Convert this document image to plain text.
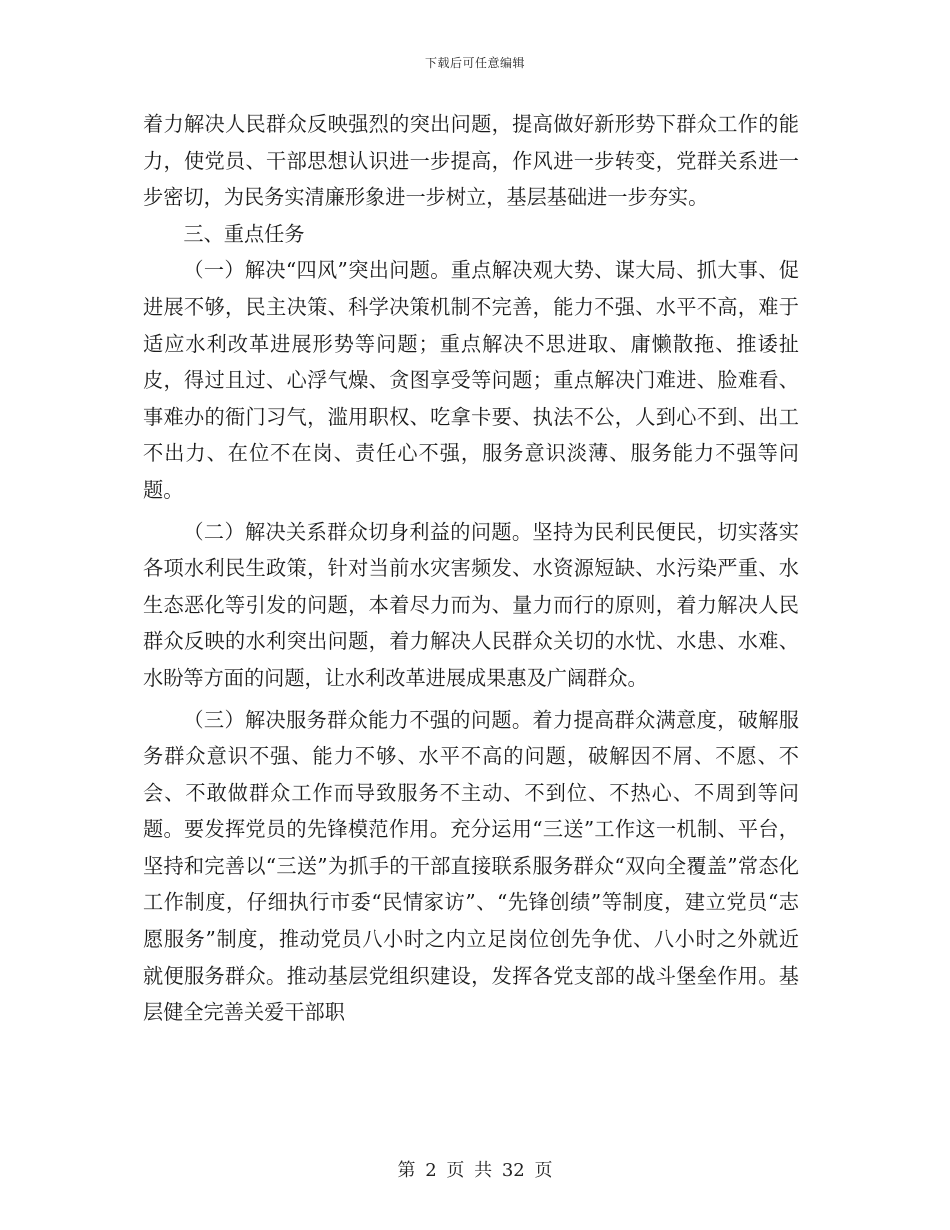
下载后可任意编辑

着力解决人民群众反映强烈的突出问题，提高做好新形势下群众工作的能力，使党员、干部思想认识进一步提高，作风进一步转变，党群关系进一步密切，为民务实清廉形象进一步树立，基层基础进一步夯实。

三、重点任务

（一）解决“四风”突出问题。重点解决观大势、谋大局、抓大事、促进展不够，民主决策、科学决策机制不完善，能力不强、水平不高，难于适应水利改革进展形势等问题；重点解决不思进取、庸懒散拖、推诿扯皮，得过且过、心浮气燥、贪图享受等问题；重点解决门难进、脸难看、事难办的衙门习气，滥用职权、吃拿卡要、执法不公，人到心不到、出工不出力、在位不在岗、责任心不强，服务意识淡薄、服务能力不强等问题。

（二）解决关系群众切身利益的问题。坚持为民利民便民，切实落实各项水利民生政策，针对当前水灾害频发、水资源短缺、水污染严重、水生态恶化等引发的问题，本着尽力而为、量力而行的原则，着力解决人民群众反映的水利突出问题，着力解决人民群众关切的水忧、水患、水难、水盼等方面的问题，让水利改革进展成果惠及广阔群众。

（三）解决服务群众能力不强的问题。着力提高群众满意度，破解服务群众意识不强、能力不够、水平不高的问题，破解因不屑、不愿、不会、不敢做群众工作而导致服务不主动、不到位、不热心、不周到等问题。要发挥党员的先锋模范作用。充分运用“三送”工作这一机制、平台，坚持和完善以“三送”为抓手的干部直接联系服务群众“双向全覆盖”常态化工作制度，仔细执行市委“民情家访”、“先锋创绩”等制度，建立党员“志愿服务”制度，推动党员八小时之内立足岗位创先争优、八小时之外就近就便服务群众。推动基层党组织建设，发挥各党支部的战斗堡垒作用。基层健全完善关爱干部职

第 2 页 共 32 页
